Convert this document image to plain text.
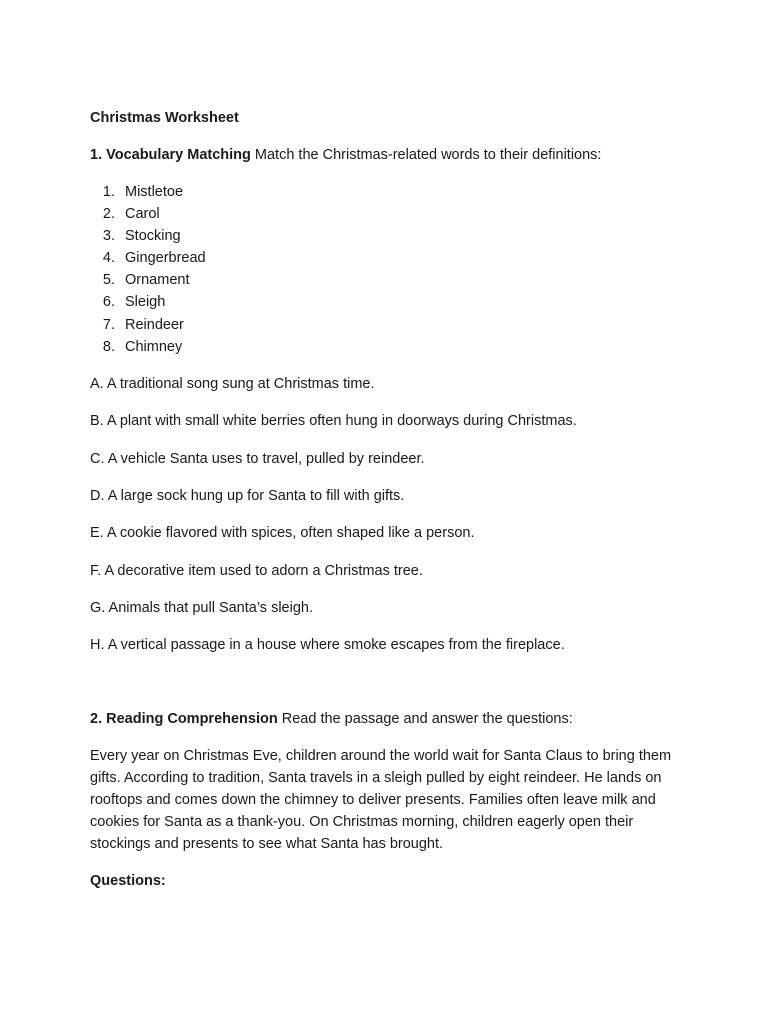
Christmas Worksheet

1. Vocabulary Matching Match the Christmas-related words to their definitions:

1. Mistletoe
2. Carol
3. Stocking
4. Gingerbread
5. Ornament
6. Sleigh
7. Reindeer
8. Chimney

A. A traditional song sung at Christmas time.

B. A plant with small white berries often hung in doorways during Christmas.

C. A vehicle Santa uses to travel, pulled by reindeer.

D. A large sock hung up for Santa to fill with gifts.

E. A cookie flavored with spices, often shaped like a person.

F. A decorative item used to adorn a Christmas tree.

G. Animals that pull Santa’s sleigh.

H. A vertical passage in a house where smoke escapes from the fireplace.

2. Reading Comprehension Read the passage and answer the questions:

Every year on Christmas Eve, children around the world wait for Santa Claus to bring them gifts. According to tradition, Santa travels in a sleigh pulled by eight reindeer. He lands on rooftops and comes down the chimney to deliver presents. Families often leave milk and cookies for Santa as a thank-you. On Christmas morning, children eagerly open their stockings and presents to see what Santa has brought.

Questions:
